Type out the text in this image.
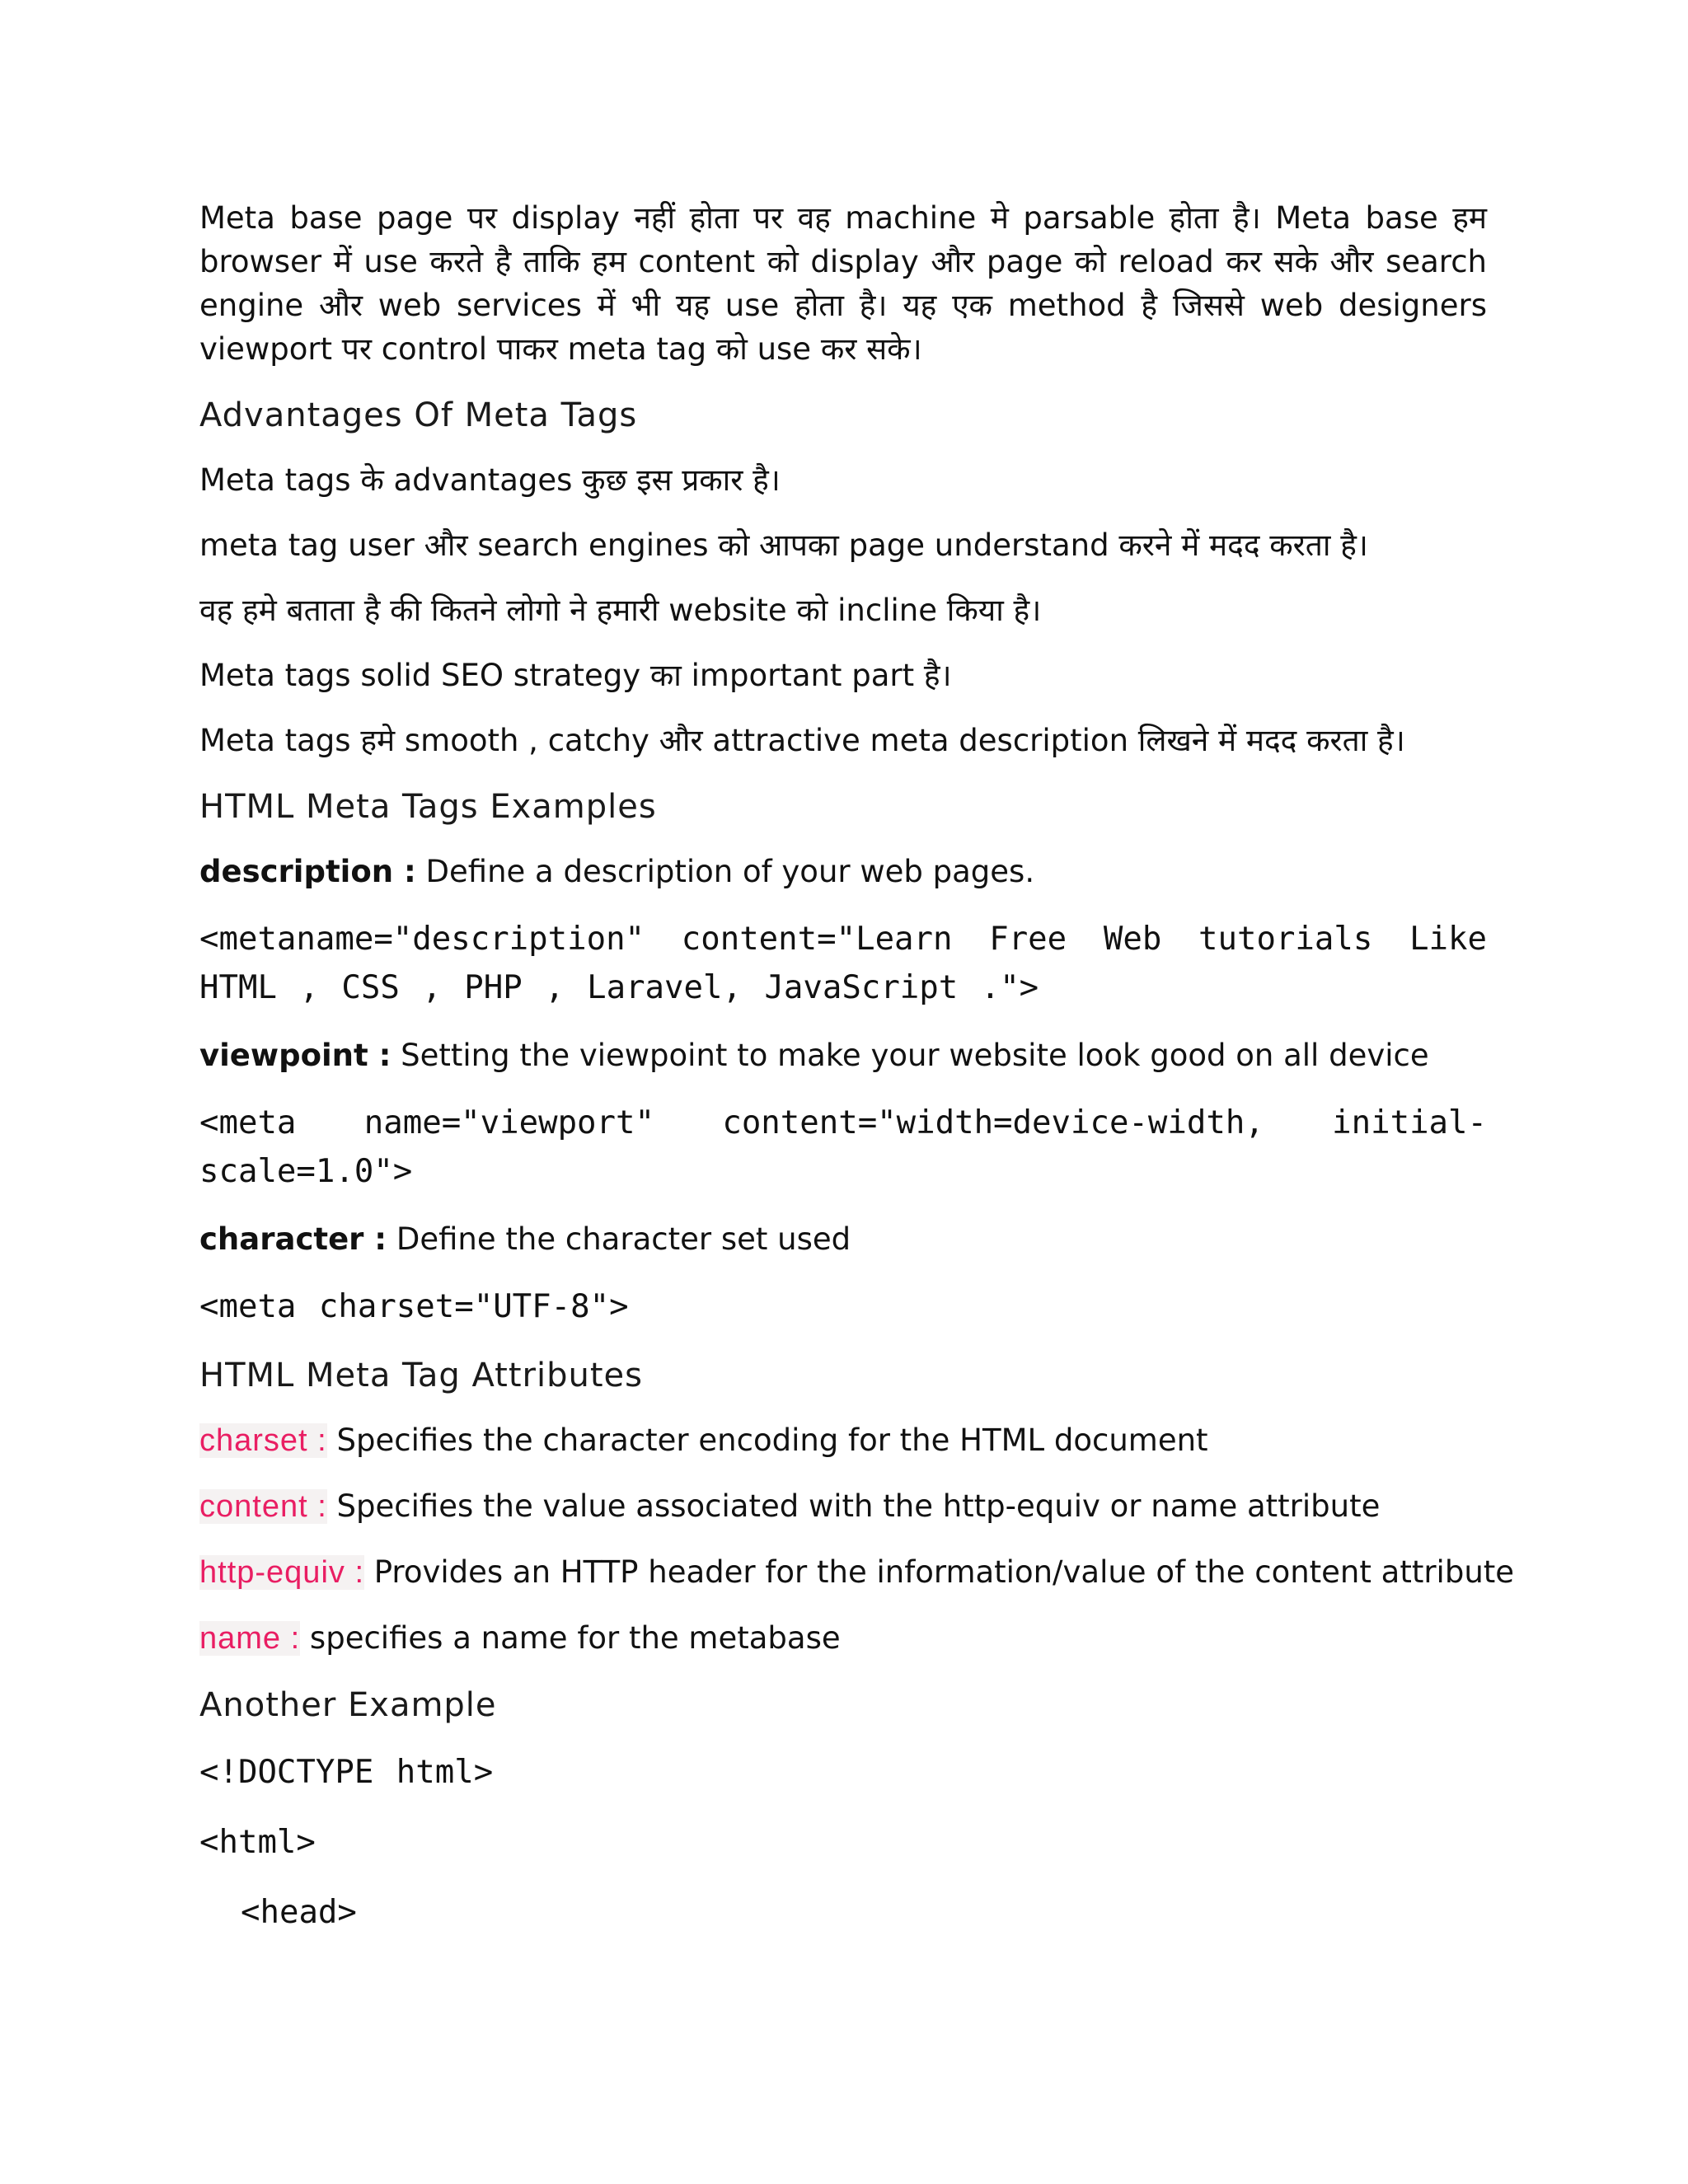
Meta base page पर display नहीं होता पर वह machine मे parsable होता है। Meta base हम browser में use करते है ताकि हम content को display और page को reload कर सके और search engine और web services में भी यह use होता है। यह एक method है जिससे web designers viewport पर control पाकर meta tag को use कर सके।

Advantages Of Meta Tags
Meta tags के advantages कुछ इस प्रकार है।
meta tag user और search engines को आपका page understand करने में मदद करता है।
वह हमे बताता है की कितने लोगो ने हमारी website को incline किया है।
Meta tags solid SEO strategy का important part है।
Meta tags हमे smooth , catchy और attractive meta description लिखने में मदद करता है।
HTML Meta Tags Examples
description : Define a description of your web pages.
<metaname="description" content="Learn Free Web tutorials Like HTML , CSS , PHP , Laravel, JavaScript .">
viewpoint : Setting the viewpoint to make your website look good on all device
<meta name="viewport" content="width=device-width, initial-scale=1.0">
character : Define the character set used
<meta charset="UTF-8">
HTML Meta Tag Attributes
charset : Specifies the character encoding for the HTML document
content : Specifies the value associated with the http-equiv or name attribute
http-equiv : Provides an HTTP header for the information/value of the content attribute
name : specifies a name for the metabase
Another Example
<!DOCTYPE html>
<html>
<head>
